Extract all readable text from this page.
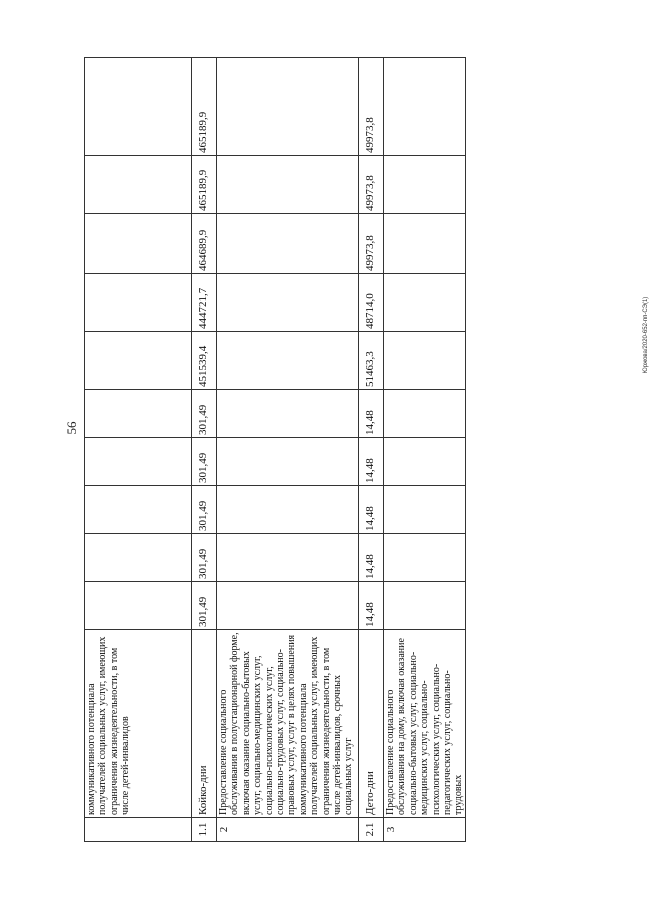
56
Юржова/2020-652-пп-СЭ(1)
	коммуникативного потенциала получателей социальных услуг, имеющих ограничения жизнедеятельности, в том числе детей-инвалидов										
1.1	Койко-дни	301,49	301,49	301,49	301,49	301,49	451539,4	444721,7	464689,9	465189,9	465189,9
2	Предоставление социального обслуживания в полустационарной форме, включая оказание социально-бытовых услуг, социально-медицинских услуг, социально-психологических услуг, социально-трудовых услуг, социально-правовых услуг, услуг в целях повышения коммуникативного потенциала получателей социальных услуг, имеющих ограничения жизнедеятельности, в том числе детей-инвалидов, срочных социальных услуг										
2.1	Дето-дни	14,48	14,48	14,48	14,48	14,48	51463,3	48714,0	49973,8	49973,8	49973,8
3	Предоставление социального обслуживания на дому, включая оказание социально-бытовых услуг, социально-медицинских услуг, социально-психологических услуг, социально-педагогических услуг, социально-трудовых										
